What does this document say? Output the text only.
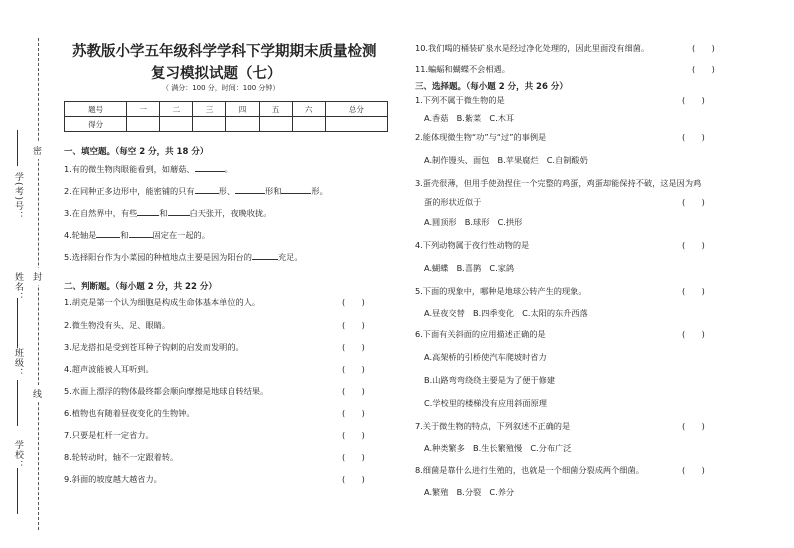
密
封
线
学(考)号：
姓名：
班级：
学校：
苏教版小学五年级科学学科下学期期末质量检测
复习模拟试题（七）
（ 满分：100 分，时间：100 分钟）
题号	一	二	三	四	五	六	总分
得分							
一、填空题。（每空 2 分，共 18 分）
1.有的微生物肉眼能看到，如蘑菇、	。
2.在同种正多边形中，能密铺的只有	形、	形和	形。
3.在自然界中，有些	和	白天张开，夜晚收拢。
4.轮轴是	和	固定在一起的。
5.选择阳台作为小菜园的种植地点主要是因为阳台的	充足。
二、判断题。（每小题 2 分，共 22 分）
1.胡克是第一个认为细胞是构成生命体基本单位的人。	(　　)
2.微生物没有头、足、眼睛。	(　　)
3.尼龙搭扣是受到苍耳种子钩刺的启发而发明的。	(　　)
4.超声波能被人耳听到。	(　　)
5.水面上漂浮的物体最终都会顺向摩擦是地球自转结果。	(　　)
6.植物也有随着昼夜变化的生物钟。	(　　)
7.只要是杠杆一定省力。	(　　)
8.轮转动时，轴不一定跟着转。	(　　)
9.斜面的坡度越大越省力。	(　　)
10.我们喝的桶装矿泉水是经过净化处理的，因此里面没有细菌。	(　　)
11.蝙蝠和蝴蝶不会相遇。	(　　)
三、选择题。（每小题 2 分，共 26 分）
1.下列不属于微生物的是	(　　)
A.香菇　B.紫菜　C.木耳
2.能体现微生物“功”与“过”的事例是	(　　)
A.制作馒头、面包　B.苹果腐烂　C.自制酸奶
3.蛋壳很薄，但用手使劲捏住一个完整的鸡蛋，鸡蛋却能保持不破，这是因为鸡
蛋的形状近似于	(　　)
A.圆顶形　B.球形　C.拱形
4.下列动物属于夜行性动物的是	(　　)
A.蝴蝶　B.喜鹊　C.家鸽
5.下面的现象中，哪种是地球公转产生的现象。	(　　)
A.昼夜交替　B.四季变化　C.太阳的东升西落
6.下面有关斜面的应用描述正确的是	(　　)
A.高架桥的引桥使汽车爬坡时省力
B.山路弯弯绕绕主要是为了便于修建
C.学校里的楼梯没有应用斜面原理
7.关于微生物的特点，下列叙述不正确的是	(　　)
A.种类繁多　B.生长繁殖慢　C.分布广泛
8.细菌是靠什么进行生殖的，也就是一个细菌分裂成两个细菌。	(　　)
A.繁殖　B.分裂　C.养分
